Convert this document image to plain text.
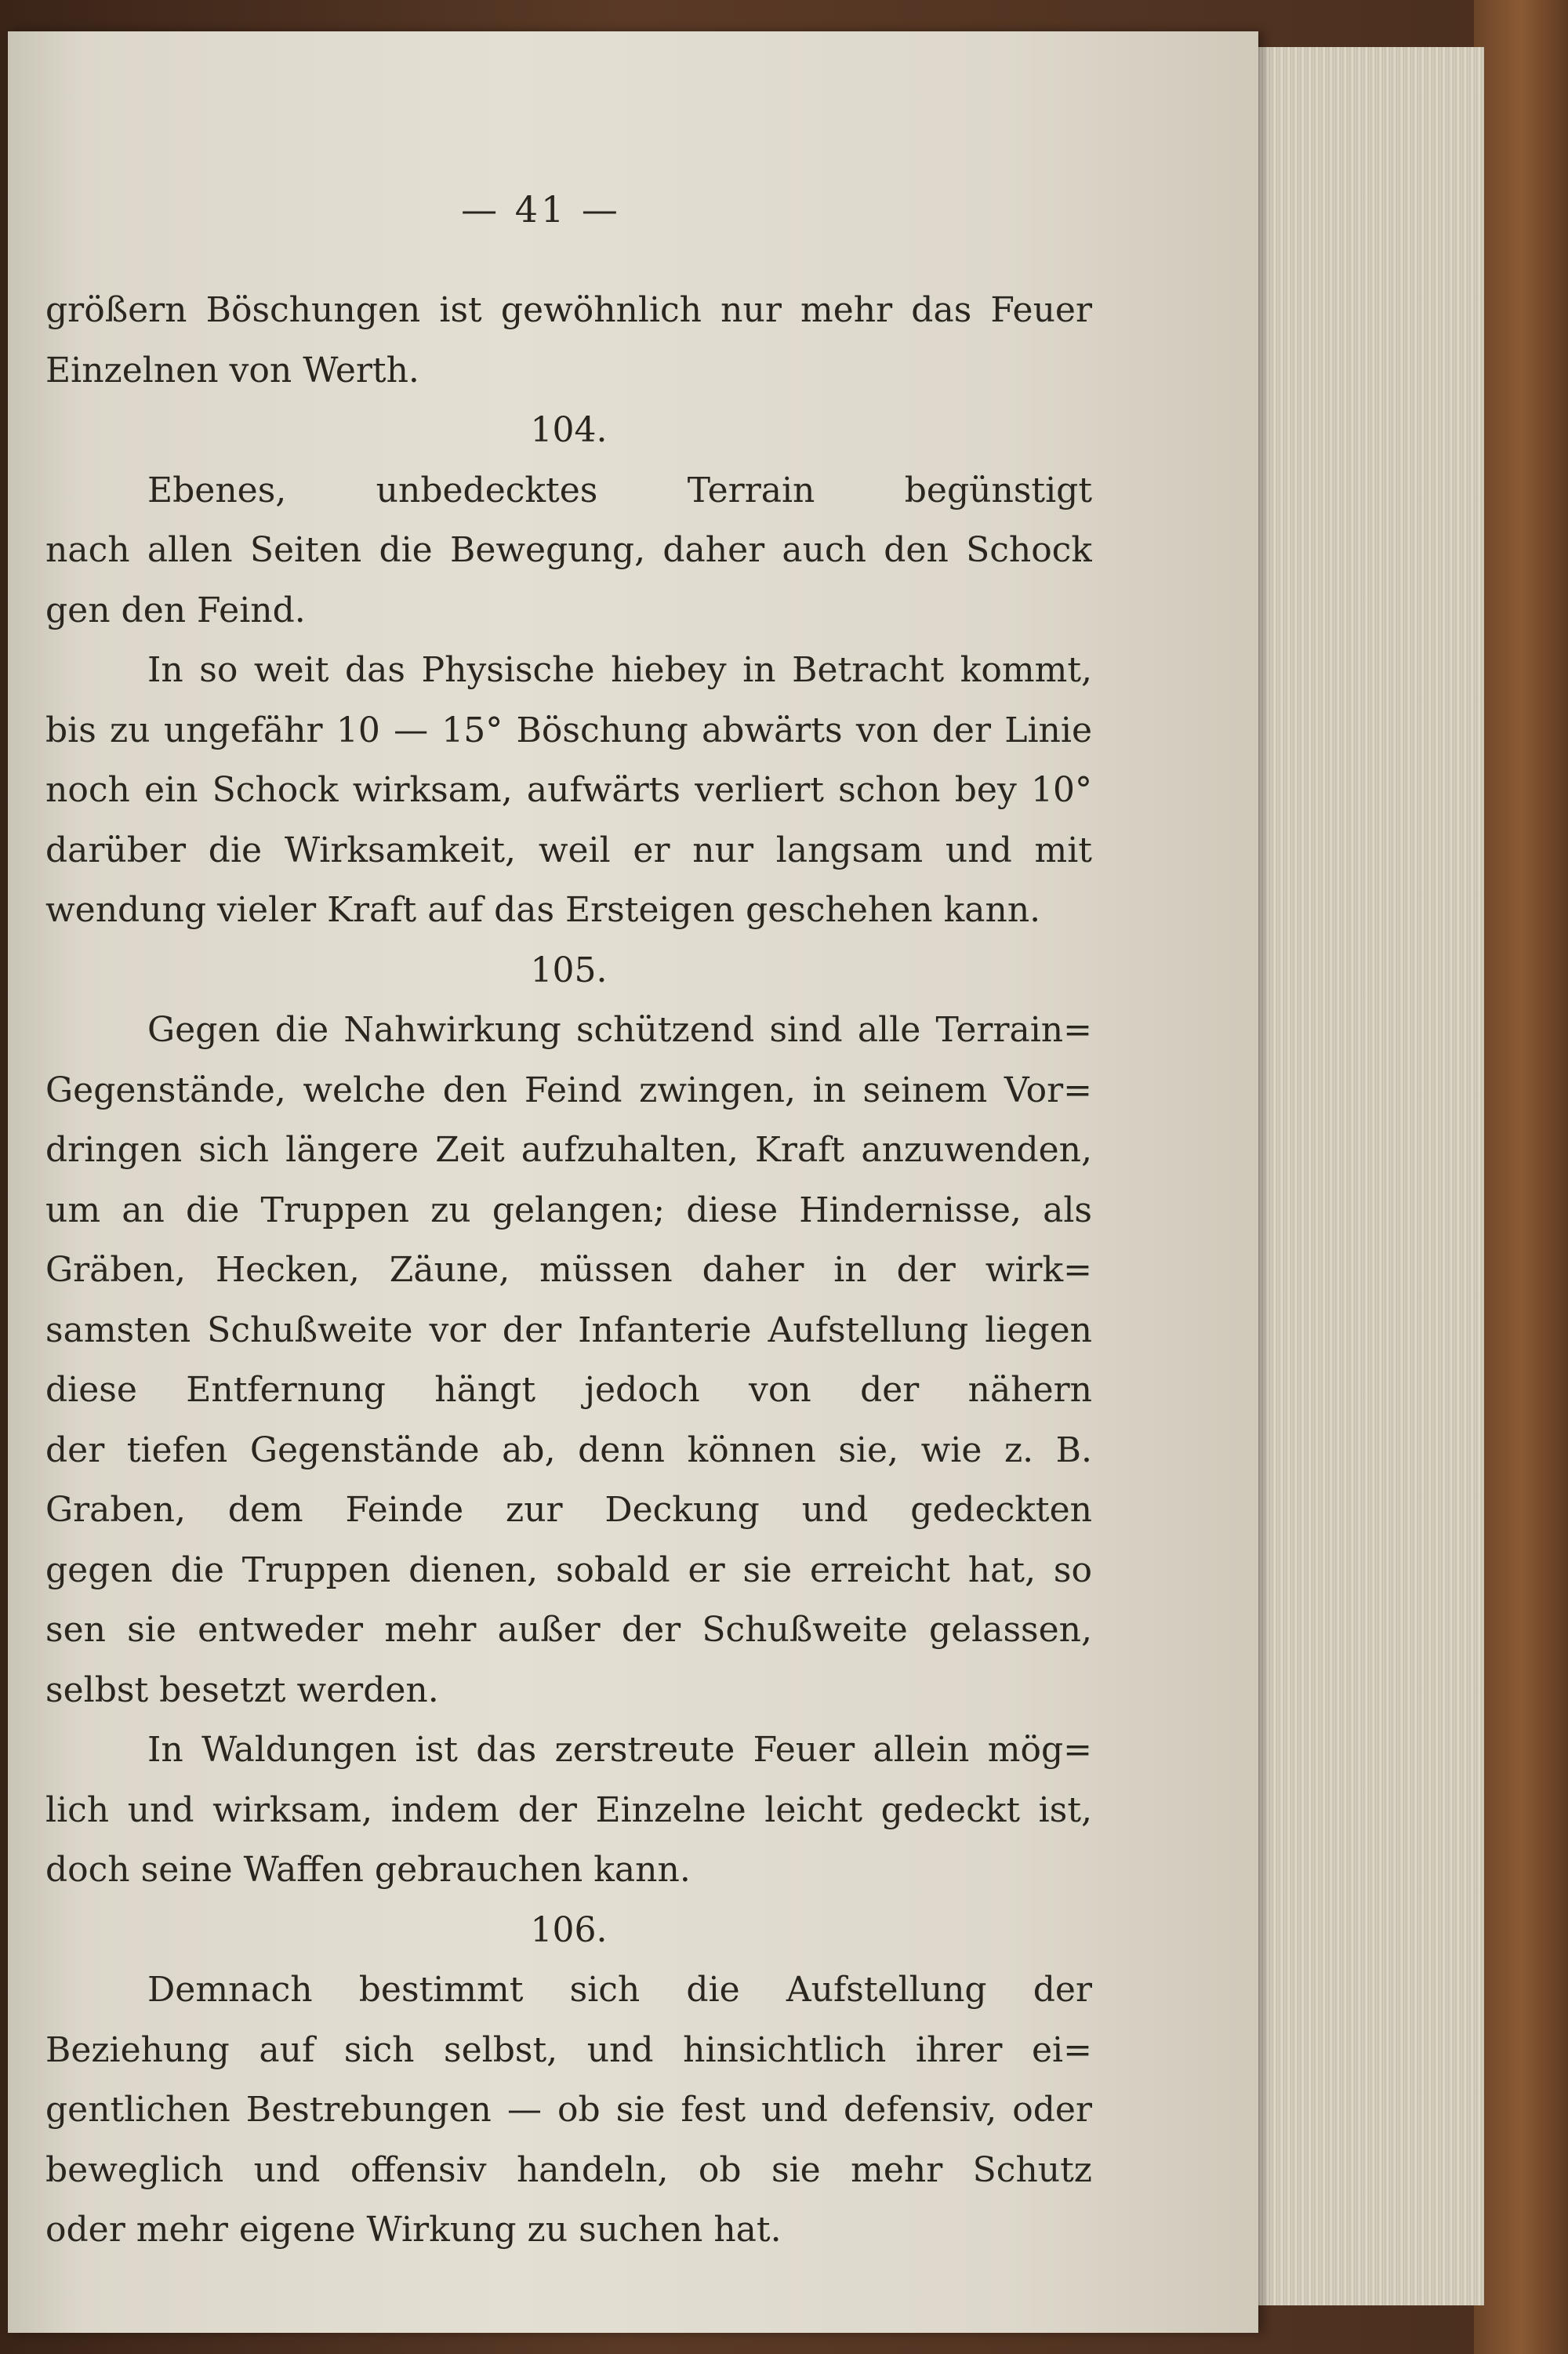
— 41 —
größern Böschungen ist gewöhnlich nur mehr das Feuer
Einzelnen von Werth.
104.
Ebenes, unbedecktes Terrain begünstigt
nach allen Seiten die Bewegung, daher auch den Schock
gen den Feind.
In so weit das Physische hiebey in Betracht kommt,
bis zu ungefähr 10 — 15° Böschung abwärts von der Linie
noch ein Schock wirksam, aufwärts verliert schon bey 10°
darüber die Wirksamkeit, weil er nur langsam und mit
wendung vieler Kraft auf das Ersteigen geschehen kann.
105.
Gegen die Nahwirkung schützend sind alle Terrain=
Gegenstände, welche den Feind zwingen, in seinem Vor=
dringen sich längere Zeit aufzuhalten, Kraft anzuwenden,
um an die Truppen zu gelangen; diese Hindernisse, als
Gräben, Hecken, Zäune, müssen daher in der wirk=
samsten Schußweite vor der Infanterie Aufstellung liegen
diese Entfernung hängt jedoch von der nähern
der tiefen Gegenstände ab, denn können sie, wie z. B.
Graben, dem Feinde zur Deckung und gedeckten
gegen die Truppen dienen, sobald er sie erreicht hat, so
sen sie entweder mehr außer der Schußweite gelassen,
selbst besetzt werden.
In Waldungen ist das zerstreute Feuer allein mög=
lich und wirksam, indem der Einzelne leicht gedeckt ist,
doch seine Waffen gebrauchen kann.
106.
Demnach bestimmt sich die Aufstellung der
Beziehung auf sich selbst, und hinsichtlich ihrer ei=
gentlichen Bestrebungen — ob sie fest und defensiv, oder
beweglich und offensiv handeln, ob sie mehr Schutz
oder mehr eigene Wirkung zu suchen hat.
